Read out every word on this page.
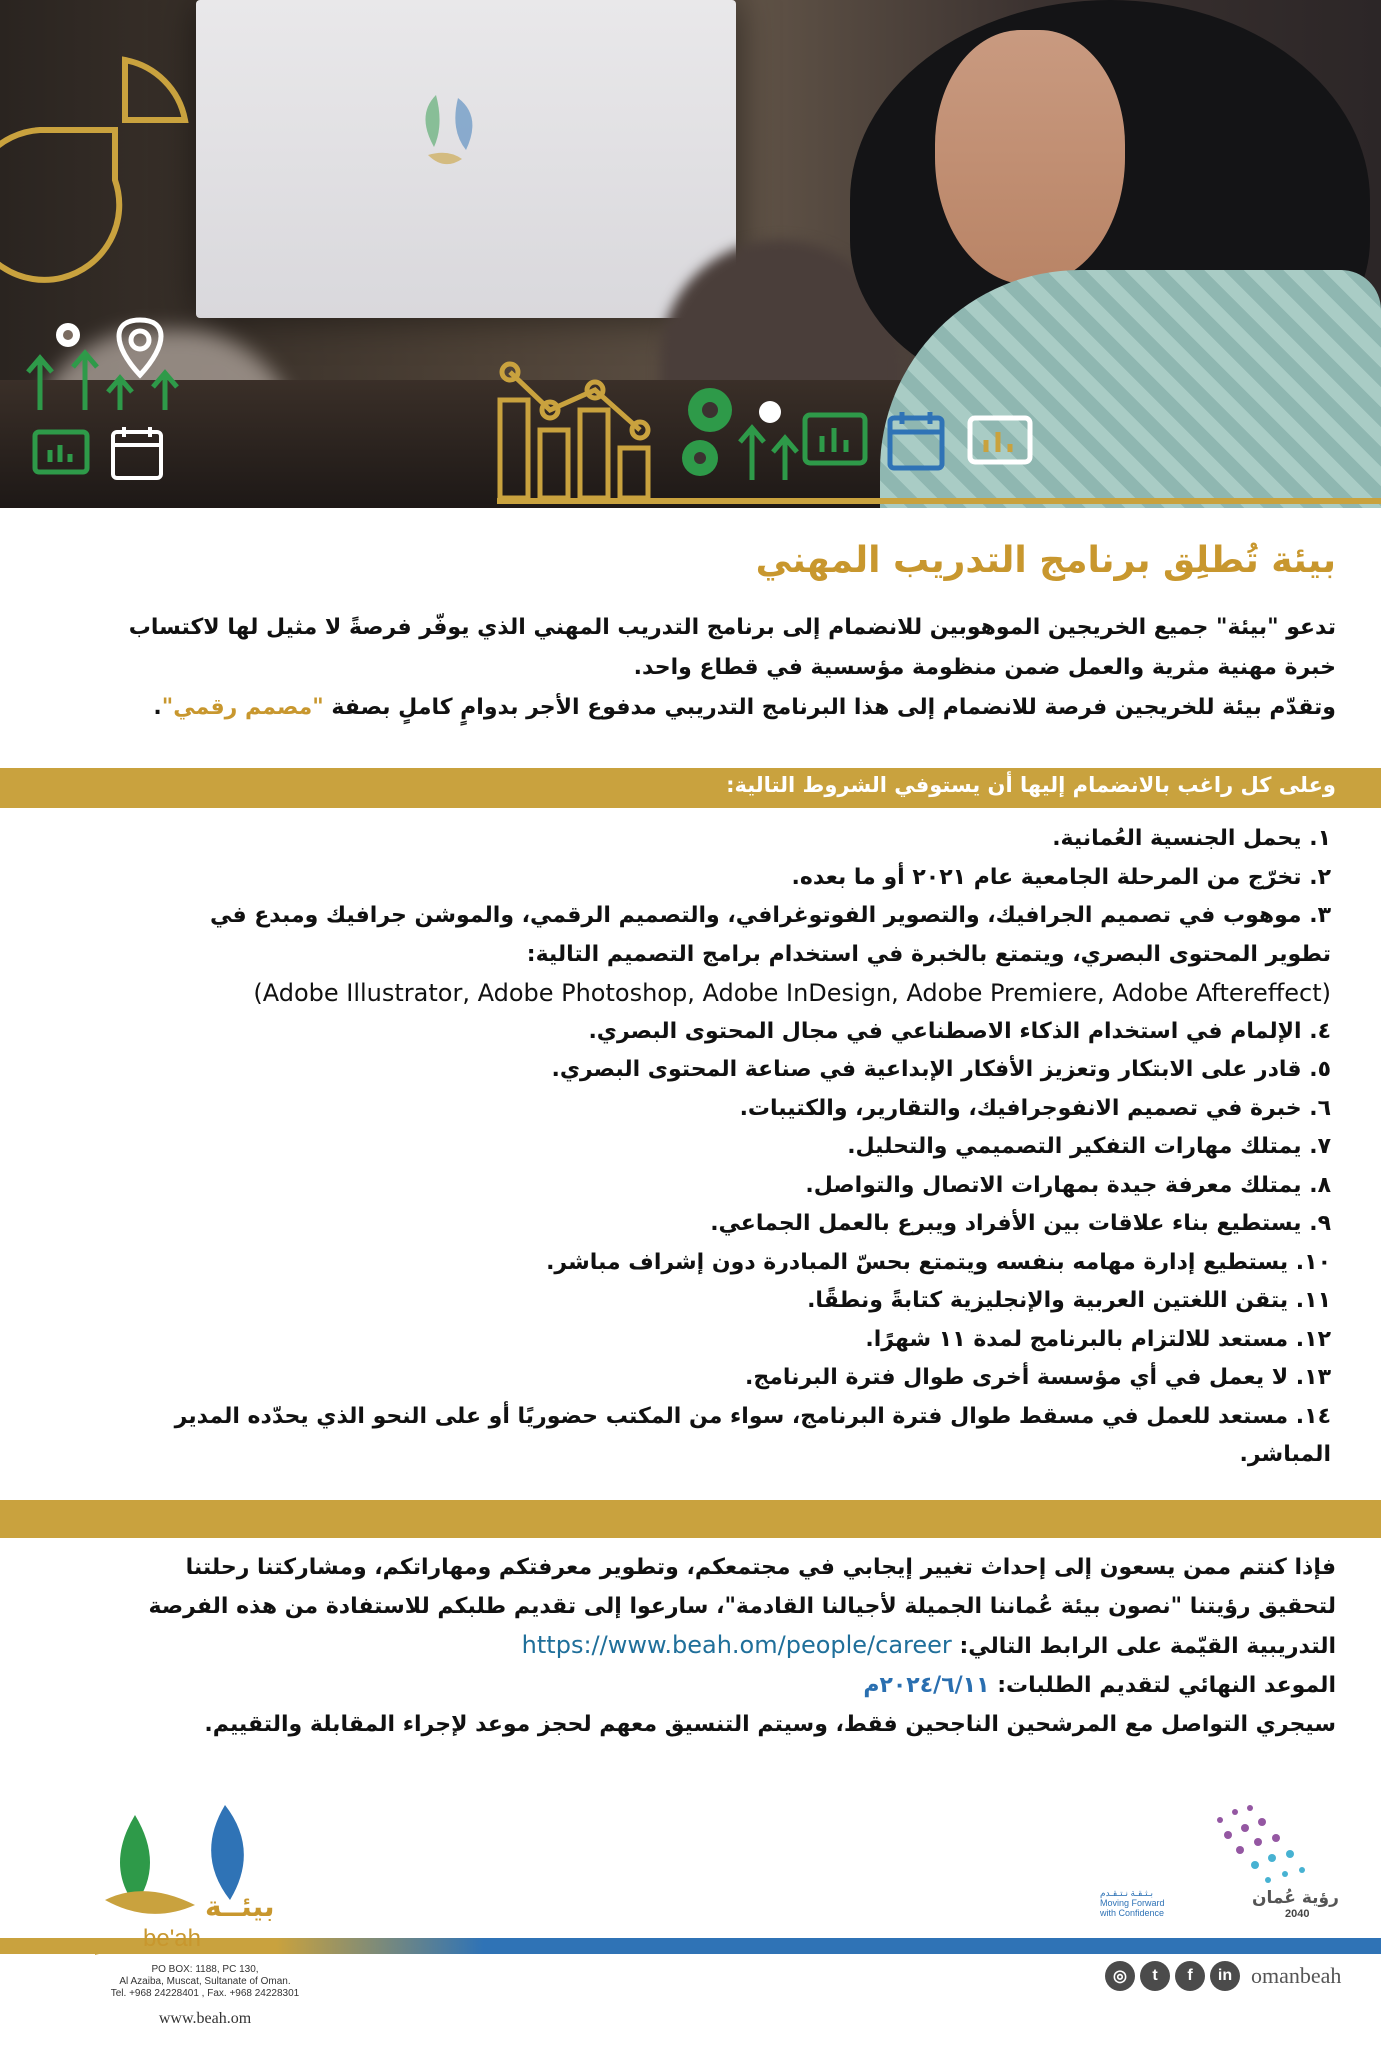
بيئة تُطلِق برنامج التدريب المهني
تدعو "بيئة" جميع الخريجين الموهوبين للانضمام إلى برنامج التدريب المهني الذي يوفّر فرصةً لا مثيل لها لاكتساب
خبرة مهنية مثرية والعمل ضمن منظومة مؤسسية في قطاع واحد.
وتقدّم بيئة للخريجين فرصة للانضمام إلى هذا البرنامج التدريبي مدفوع الأجر بدوامٍ كاملٍ بصفة "مصمم رقمي".
وعلى كل راغب بالانضمام إليها أن يستوفي الشروط التالية:
١. يحمل الجنسية العُمانية.
٢. تخرّج من المرحلة الجامعية عام ٢٠٢١ أو ما بعده.
٣. موهوب في تصميم الجرافيك، والتصوير الفوتوغرافي، والتصميم الرقمي، والموشن جرافيك ومبدع في
تطوير المحتوى البصري، ويتمتع بالخبرة في استخدام برامج التصميم التالية:
(Adobe Illustrator, Adobe Photoshop, Adobe InDesign, Adobe Premiere, Adobe Aftereffect)
٤. الإلمام في استخدام الذكاء الاصطناعي في مجال المحتوى البصري.
٥. قادر على الابتكار وتعزيز الأفكار الإبداعية في صناعة المحتوى البصري.
٦. خبرة في تصميم الانفوجرافيك، والتقارير، والكتيبات.
٧. يمتلك مهارات التفكير التصميمي والتحليل.
٨. يمتلك معرفة جيدة بمهارات الاتصال والتواصل.
٩. يستطيع بناء علاقات بين الأفراد ويبرع بالعمل الجماعي.
١٠. يستطيع إدارة مهامه بنفسه ويتمتع بحسّ المبادرة دون إشراف مباشر.
١١. يتقن اللغتين العربية والإنجليزية كتابةً ونطقًا.
١٢. مستعد للالتزام بالبرنامج لمدة ١١ شهرًا.
١٣. لا يعمل في أي مؤسسة أخرى طوال فترة البرنامج.
١٤. مستعد للعمل في مسقط طوال فترة البرنامج، سواء من المكتب حضوريًا أو على النحو الذي يحدّده المدير
المباشر.
فإذا كنتم ممن يسعون إلى إحداث تغيير إيجابي في مجتمعكم، وتطوير معرفتكم ومهاراتكم، ومشاركتنا رحلتنا
لتحقيق رؤيتنا "نصون بيئة عُماننا الجميلة لأجيالنا القادمة"، سارعوا إلى تقديم طلبكم للاستفادة من هذه الفرصة
التدريبية القيّمة على الرابط التالي: https://www.beah.om/people/career
الموعد النهائي لتقديم الطلبات: ٢٠٢٤/٦/١١م
سيجري التواصل مع المرشحين الناجحين فقط، وسيتم التنسيق معهم لحجز موعد لإجراء المقابلة والتقييم.
بيئــة
be'ah
PO BOX: 1188, PC 130,
Al Azaiba, Muscat, Sultanate of Oman.
Tel. +968 24228401 , Fax. +968 24228301
www.beah.om
رؤية عُمان
2040
بـثـقـة نـتـقـدم
Moving Forward
with Confidence
◎	t	f	in omanbeah
